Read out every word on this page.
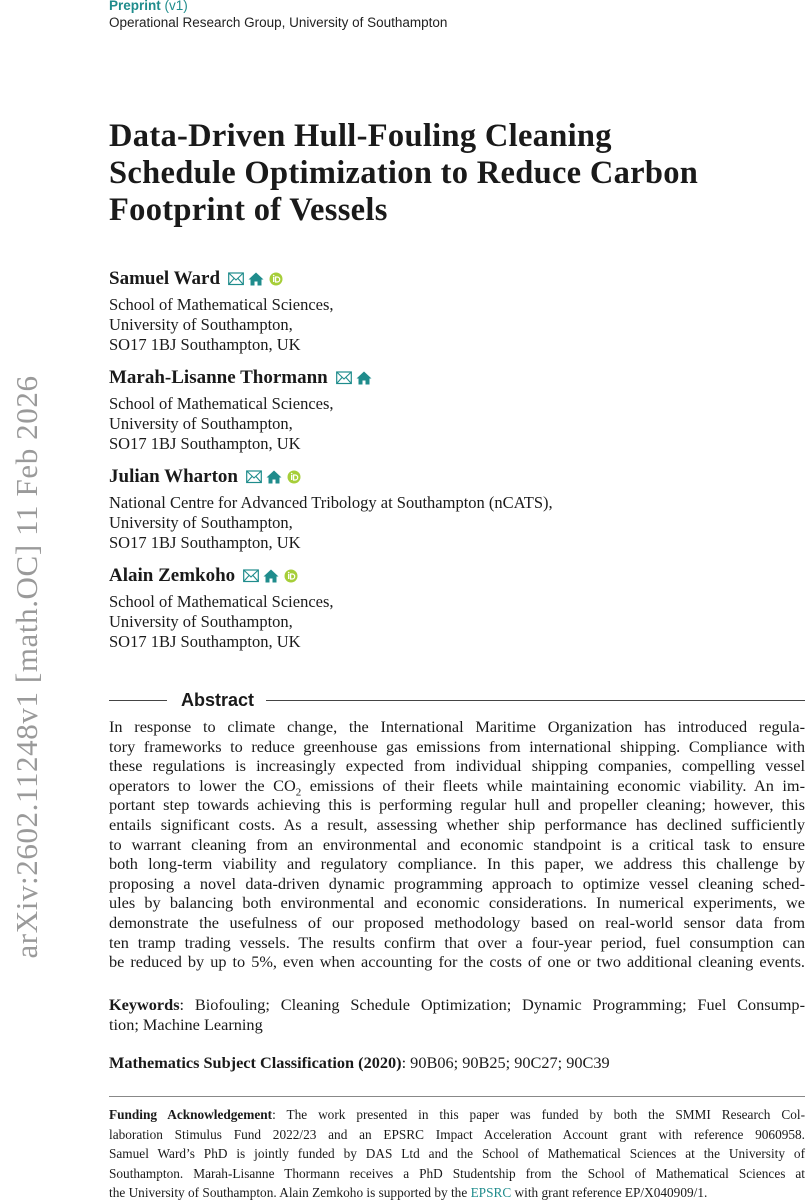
Preprint (v1)
Operational Research Group, University of Southampton
arXiv:2602.11248v1 [math.OC] 11 Feb 2026
Data-Driven Hull-Fouling Cleaning
Schedule Optimization to Reduce Carbon
Footprint of Vessels
Samuel Ward
School of Mathematical Sciences,
University of Southampton,
SO17 1BJ Southampton, UK
Marah-Lisanne Thormann
School of Mathematical Sciences,
University of Southampton,
SO17 1BJ Southampton, UK
Julian Wharton
National Centre for Advanced Tribology at Southampton (nCATS),
University of Southampton,
SO17 1BJ Southampton, UK
Alain Zemkoho
School of Mathematical Sciences,
University of Southampton,
SO17 1BJ Southampton, UK
Abstract
In response to climate change, the International Maritime Organization has introduced regula-
tory frameworks to reduce greenhouse gas emissions from international shipping. Compliance with
these regulations is increasingly expected from individual shipping companies, compelling vessel
operators to lower the $CO_2$ emissions of their fleets while maintaining economic viability. An im-
portant step towards achieving this is performing regular hull and propeller cleaning; however, this
entails significant costs. As a result, assessing whether ship performance has declined sufficiently
to warrant cleaning from an environmental and economic standpoint is a critical task to ensure
both long-term viability and regulatory compliance. In this paper, we address this challenge by
proposing a novel data-driven dynamic programming approach to optimize vessel cleaning sched-
ules by balancing both environmental and economic considerations. In numerical experiments, we
demonstrate the usefulness of our proposed methodology based on real-world sensor data from
ten tramp trading vessels. The results confirm that over a four-year period, fuel consumption can
be reduced by up to 5%, even when accounting for the costs of one or two additional cleaning events.
Keywords: Biofouling; Cleaning Schedule Optimization; Dynamic Programming; Fuel Consump-
tion; Machine Learning
Mathematics Subject Classification (2020): 90B06; 90B25; 90C27; 90C39
Funding Acknowledgement: The work presented in this paper was funded by both the SMMI Research Col-
laboration Stimulus Fund 2022/23 and an EPSRC Impact Acceleration Account grant with reference 9060958.
Samuel Ward’s PhD is jointly funded by DAS Ltd and the School of Mathematical Sciences at the University of
Southampton. Marah-Lisanne Thormann receives a PhD Studentship from the School of Mathematical Sciences at
the University of Southampton. Alain Zemkoho is supported by the EPSRC with grant reference EP/X040909/1.
